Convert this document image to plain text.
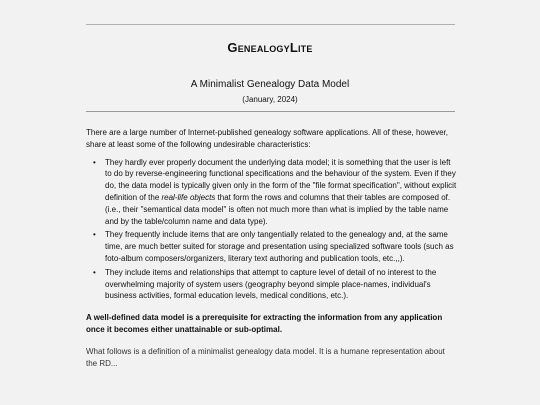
GenealogyLite
A Minimalist Genealogy Data Model
(January, 2024)

There are a large number of Internet-published genealogy software applications. All of these, however, share at least some of the following undesirable characteristics:

• They hardly ever properly document the underlying data model; it is something that the user is left to do by reverse-engineering functional specifications and the behaviour of the system. Even if they do, the data model is typically given only in the form of the "file format specification", without explicit definition of the real-life objects that form the rows and columns that their tables are composed of. (i.e., their "semantical data model" is often not much more than what is implied by the table name and by the table/column name and data type).
• They frequently include items that are only tangentially related to the genealogy and, at the same time, are much better suited for storage and presentation using specialized software tools (such as foto-album composers/organizers, literary text authoring and publication tools, etc.,,).
• They include items and relationships that attempt to capture level of detail of no interest to the overwhelming majority of system users (geography beyond simple place-names, individual's business activities, formal education levels, medical conditions, etc.).

A well-defined data model is a prerequisite for extracting the information from any application once it becomes either unattainable or sub-optimal.

What follows is a definition of a minimalist genealogy data model. It is a humane representation about the RD...
